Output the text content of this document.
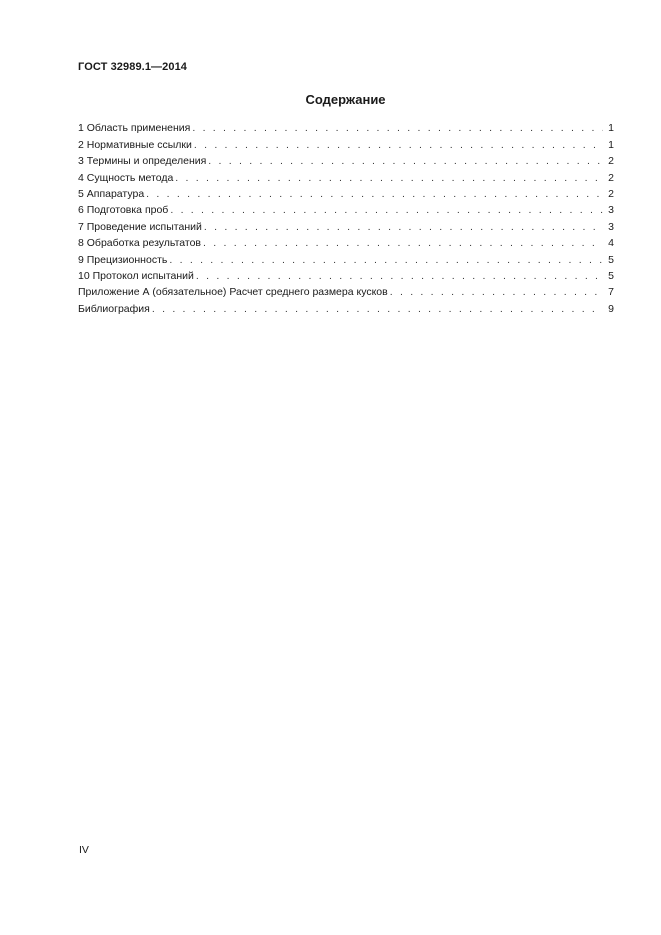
ГОСТ 32989.1—2014
Содержание
1 Область применения . . .	1
2 Нормативные ссылки . . .	1
3 Термины и определения . . .	2
4 Сущность метода . . .	2
5 Аппаратура . . .	2
6 Подготовка проб . . .	3
7 Проведение испытаний . . .	3
8 Обработка результатов . . .	4
9 Прецизионность . . .	5
10 Протокол испытаний . . .	5
Приложение А (обязательное) Расчет среднего размера кусков . . .	7
Библиография . . .	9
IV
